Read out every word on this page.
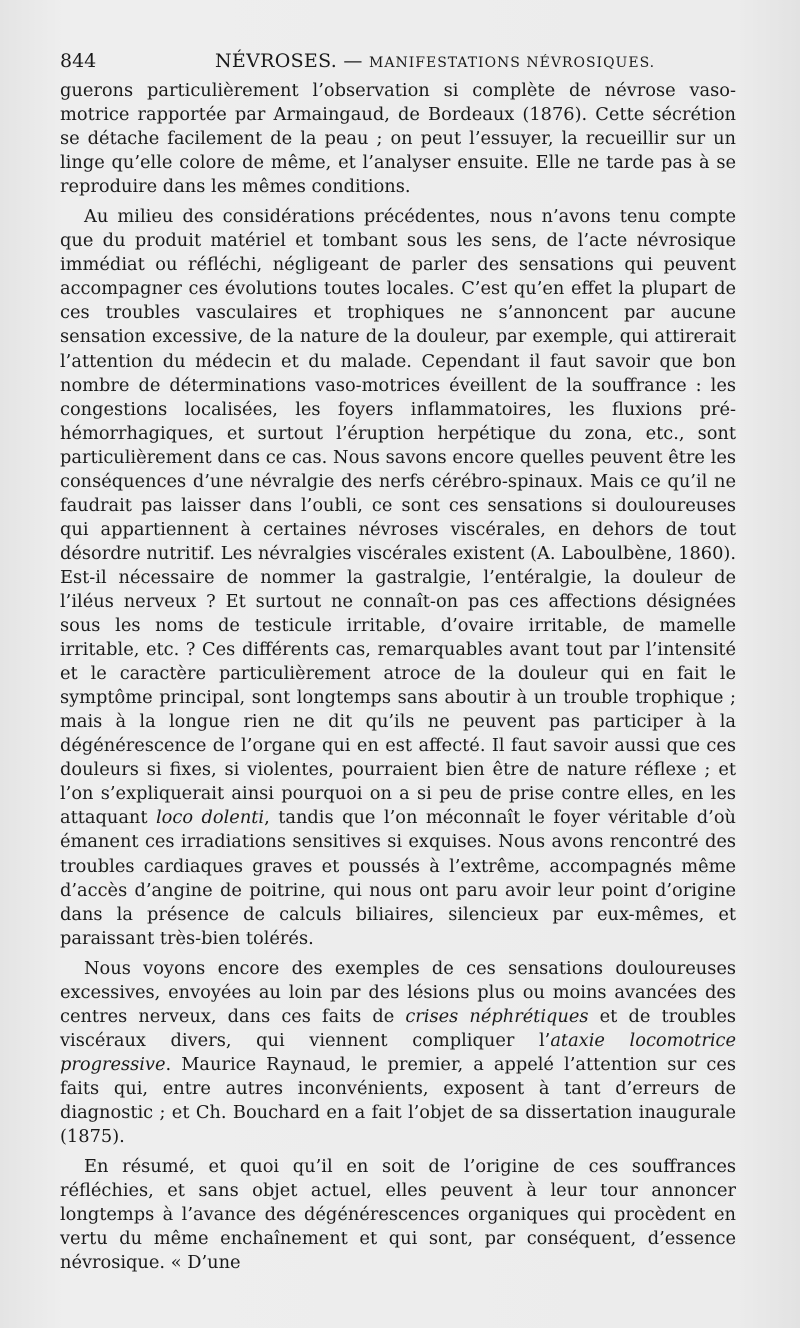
844	NÉVROSES. — MANIFESTATIONS NÉVROSIQUES.

guerons particulièrement l’observation si complète de névrose vaso-motrice rapportée par Armaingaud, de Bordeaux (1876). Cette sécrétion se détache facilement de la peau ; on peut l’essuyer, la recueillir sur un linge qu’elle colore de même, et l’analyser ensuite. Elle ne tarde pas à se reproduire dans les mêmes conditions.

Au milieu des considérations précédentes, nous n’avons tenu compte que du produit matériel et tombant sous les sens, de l’acte névrosique immédiat ou réfléchi, négligeant de parler des sensations qui peuvent accompagner ces évolutions toutes locales. C’est qu’en effet la plupart de ces troubles vasculaires et trophiques ne s’annoncent par aucune sensation excessive, de la nature de la douleur, par exemple, qui attirerait l’attention du médecin et du malade. Cependant il faut savoir que bon nombre de déterminations vaso-motrices éveillent de la souffrance : les congestions localisées, les foyers inflammatoires, les fluxions pré-hémorrhagiques, et surtout l’éruption herpétique du zona, etc., sont particulièrement dans ce cas. Nous savons encore quelles peuvent être les conséquences d’une névralgie des nerfs cérébro-spinaux. Mais ce qu’il ne faudrait pas laisser dans l’oubli, ce sont ces sensations si douloureuses qui appartiennent à certaines névroses viscérales, en dehors de tout désordre nutritif. Les névralgies viscérales existent (A. Laboulbène, 1860). Est-il nécessaire de nommer la gastralgie, l’entéralgie, la douleur de l’iléus nerveux ? Et surtout ne connaît-on pas ces affections désignées sous les noms de testicule irritable, d’ovaire irritable, de mamelle irritable, etc. ? Ces différents cas, remarquables avant tout par l’intensité et le caractère particulièrement atroce de la douleur qui en fait le symptôme principal, sont longtemps sans aboutir à un trouble trophique ; mais à la longue rien ne dit qu’ils ne peuvent pas participer à la dégénérescence de l’organe qui en est affecté. Il faut savoir aussi que ces douleurs si fixes, si violentes, pourraient bien être de nature réflexe ; et l’on s’expliquerait ainsi pourquoi on a si peu de prise contre elles, en les attaquant loco dolenti, tandis que l’on méconnaît le foyer véritable d’où émanent ces irradiations sensitives si exquises. Nous avons rencontré des troubles cardiaques graves et poussés à l’extrême, accompagnés même d’accès d’angine de poitrine, qui nous ont paru avoir leur point d’origine dans la présence de calculs biliaires, silencieux par eux-mêmes, et paraissant très-bien tolérés.

Nous voyons encore des exemples de ces sensations douloureuses excessives, envoyées au loin par des lésions plus ou moins avancées des centres nerveux, dans ces faits de crises néphrétiques et de troubles viscéraux divers, qui viennent compliquer l’ataxie locomotrice progressive. Maurice Raynaud, le premier, a appelé l’attention sur ces faits qui, entre autres inconvénients, exposent à tant d’erreurs de diagnostic ; et Ch. Bouchard en a fait l’objet de sa dissertation inaugurale (1875).

En résumé, et quoi qu’il en soit de l’origine de ces souffrances réfléchies, et sans objet actuel, elles peuvent à leur tour annoncer longtemps à l’avance des dégénérescences organiques qui procèdent en vertu du même enchaînement et qui sont, par conséquent, d’essence névrosique. « D’une
